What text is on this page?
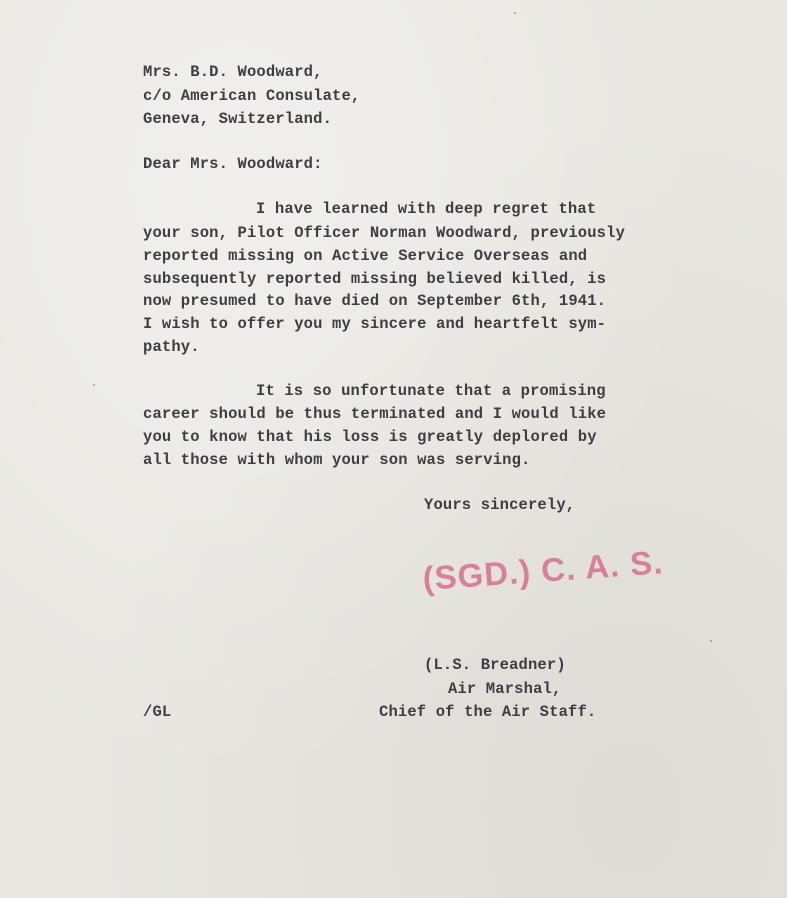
Mrs. B.D. Woodward,
c/o American Consulate,
Geneva, Switzerland.
Dear Mrs. Woodward:
I have learned with deep regret that
your son, Pilot Officer Norman Woodward, previously
reported missing on Active Service Overseas and
subsequently reported missing believed killed, is
now presumed to have died on September 6th, 1941.
I wish to offer you my sincere and heartfelt sym-
pathy.
It is so unfortunate that a promising
career should be thus terminated and I would like
you to know that his loss is greatly deplored by
all those with whom your son was serving.
Yours sincerely,
(SGD.) C. A. S.
(L.S. Breadner)
Air Marshal,
Chief of the Air Staff.
/GL
